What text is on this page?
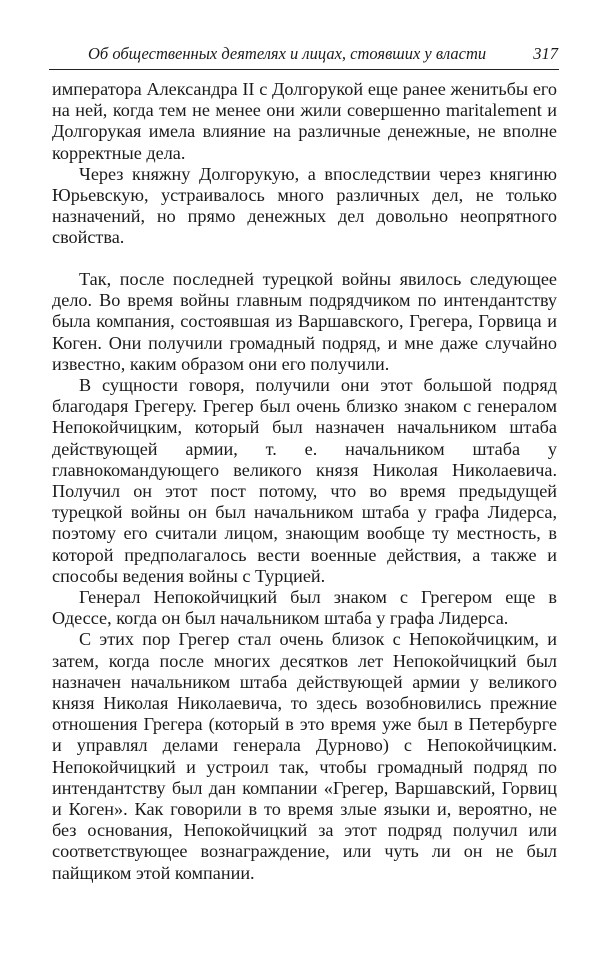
Об общественных деятелях и лицах, стоявших у власти	317

императора Александра II с Долгорукой еще ранее женитьбы его на ней, когда тем не менее они жили совершенно maritalement и Долгорукая имела влияние на различные денежные, не вполне корректные дела.

Через княжну Долгорукую, а впоследствии через княгиню Юрьевскую, устраивалось много различных дел, не только назначений, но прямо денежных дел довольно неопрятного свойства.

Так, после последней турецкой войны явилось следующее дело. Во время войны главным подрядчиком по интендантству была компания, состоявшая из Варшавского, Грегера, Горвица и Коген. Они получили громадный подряд, и мне даже случайно известно, каким образом они его получили.

В сущности говоря, получили они этот большой подряд благодаря Грегеру. Грегер был очень близко знаком с генералом Непокойчицким, который был назначен начальником штаба действующей армии, т. е. начальником штаба у главнокомандующего великого князя Николая Николаевича. Получил он этот пост потому, что во время предыдущей турецкой войны он был начальником штаба у графа Лидерса, поэтому его считали лицом, знающим вообще ту местность, в которой предполагалось вести военные действия, а также и способы ведения войны с Турцией.

Генерал Непокойчицкий был знаком с Грегером еще в Одессе, когда он был начальником штаба у графа Лидерса.

С этих пор Грегер стал очень близок с Непокойчицким, и затем, когда после многих десятков лет Непокойчицкий был назначен начальником штаба действующей армии у великого князя Николая Николаевича, то здесь возобновились прежние отношения Грегера (который в это время уже был в Петербурге и управлял делами генерала Дурново) с Непокойчицким. Непокойчицкий и устроил так, чтобы громадный подряд по интендантству был дан компании «Грегер, Варшавский, Горвиц и Коген». Как говорили в то время злые языки и, вероятно, не без основания, Непокойчицкий за этот подряд получил или соответствующее вознаграждение, или чуть ли он не был пайщиком этой компании.
